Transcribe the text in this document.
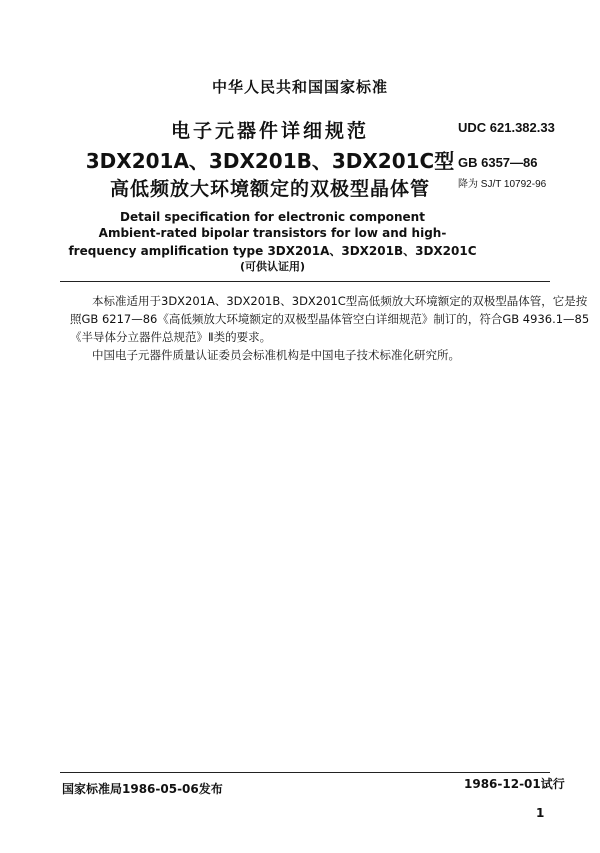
中华人民共和国国家标准
电子元器件详细规范
3DX201A、3DX201B、3DX201C型
高低频放大环境额定的双极型晶体管
UDC 621.382.33
GB 6357—86
降为 SJ/T 10792-96
Detail specification for electronic component
Ambient-rated bipolar transistors for low and high-
frequency amplification type 3DX201A、3DX201B、3DX201C
(可供认证用)
本标准适用于3DX201A、3DX201B、3DX201C型高低频放大环境额定的双极型晶体管，它是按
照GB 6217—86《高低频放大环境额定的双极型晶体管空白详细规范》制订的，符合GB 4936.1—85
《半导体分立器件总规范》Ⅱ类的要求。
中国电子元器件质量认证委员会标准机构是中国电子技术标准化研究所。
国家标准局1986-05-06发布	1986-12-01试行
1
